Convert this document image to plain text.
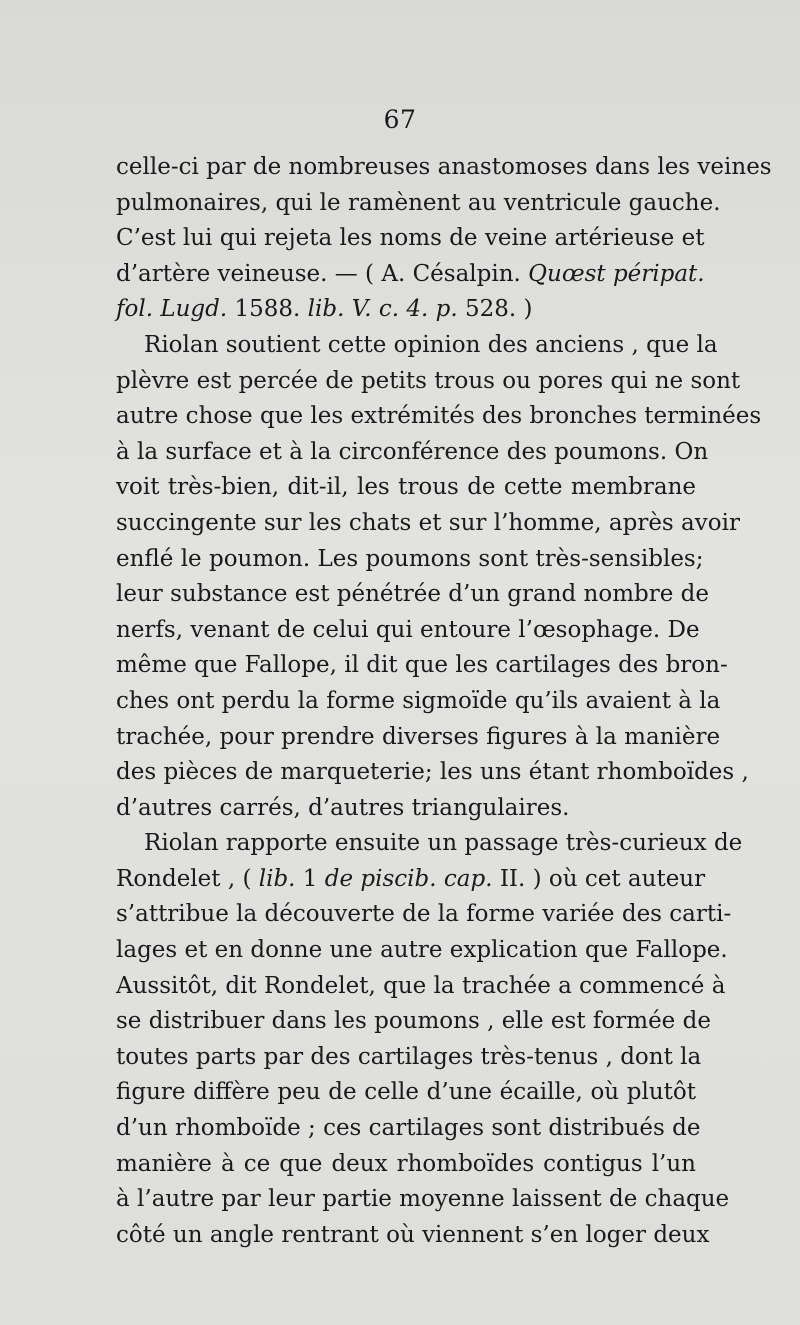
67
celle-ci par de nombreuses anastomoses dans les veines
pulmonaires, qui le ramènent au ventricule gauche.
C’est lui qui rejeta les noms de veine artérieuse et
d’artère veineuse. — ( A. Césalpin. Quœst péripat.
fol. Lugd. 1588. lib. V. c. 4. p. 528. )
Riolan soutient cette opinion des anciens , que la
plèvre est percée de petits trous ou pores qui ne sont
autre chose que les extrémités des bronches terminées
à la surface et à la circonférence des poumons. On
voit très-bien, dit-il, les trous de cette membrane
succingente sur les chats et sur l’homme, après avoir
enflé le poumon. Les poumons sont très-sensibles;
leur substance est pénétrée d’un grand nombre de
nerfs, venant de celui qui entoure l’œsophage. De
même que Fallope, il dit que les cartilages des bron-
ches ont perdu la forme sigmoïde qu’ils avaient à la
trachée, pour prendre diverses figures à la manière
des pièces de marqueterie; les uns étant rhomboïdes ,
d’autres carrés, d’autres triangulaires.
Riolan rapporte ensuite un passage très-curieux de
Rondelet , ( lib. 1 de piscib. cap. II. ) où cet auteur
s’attribue la découverte de la forme variée des carti-
lages et en donne une autre explication que Fallope.
Aussitôt, dit Rondelet, que la trachée a commencé à
se distribuer dans les poumons , elle est formée de
toutes parts par des cartilages très-tenus , dont la
figure diffère peu de celle d’une écaille, où plutôt
d’un rhomboïde ; ces cartilages sont distribués de
manière à ce que deux rhomboïdes contigus l’un
à l’autre par leur partie moyenne laissent de chaque
côté un angle rentrant où viennent s’en loger deux
